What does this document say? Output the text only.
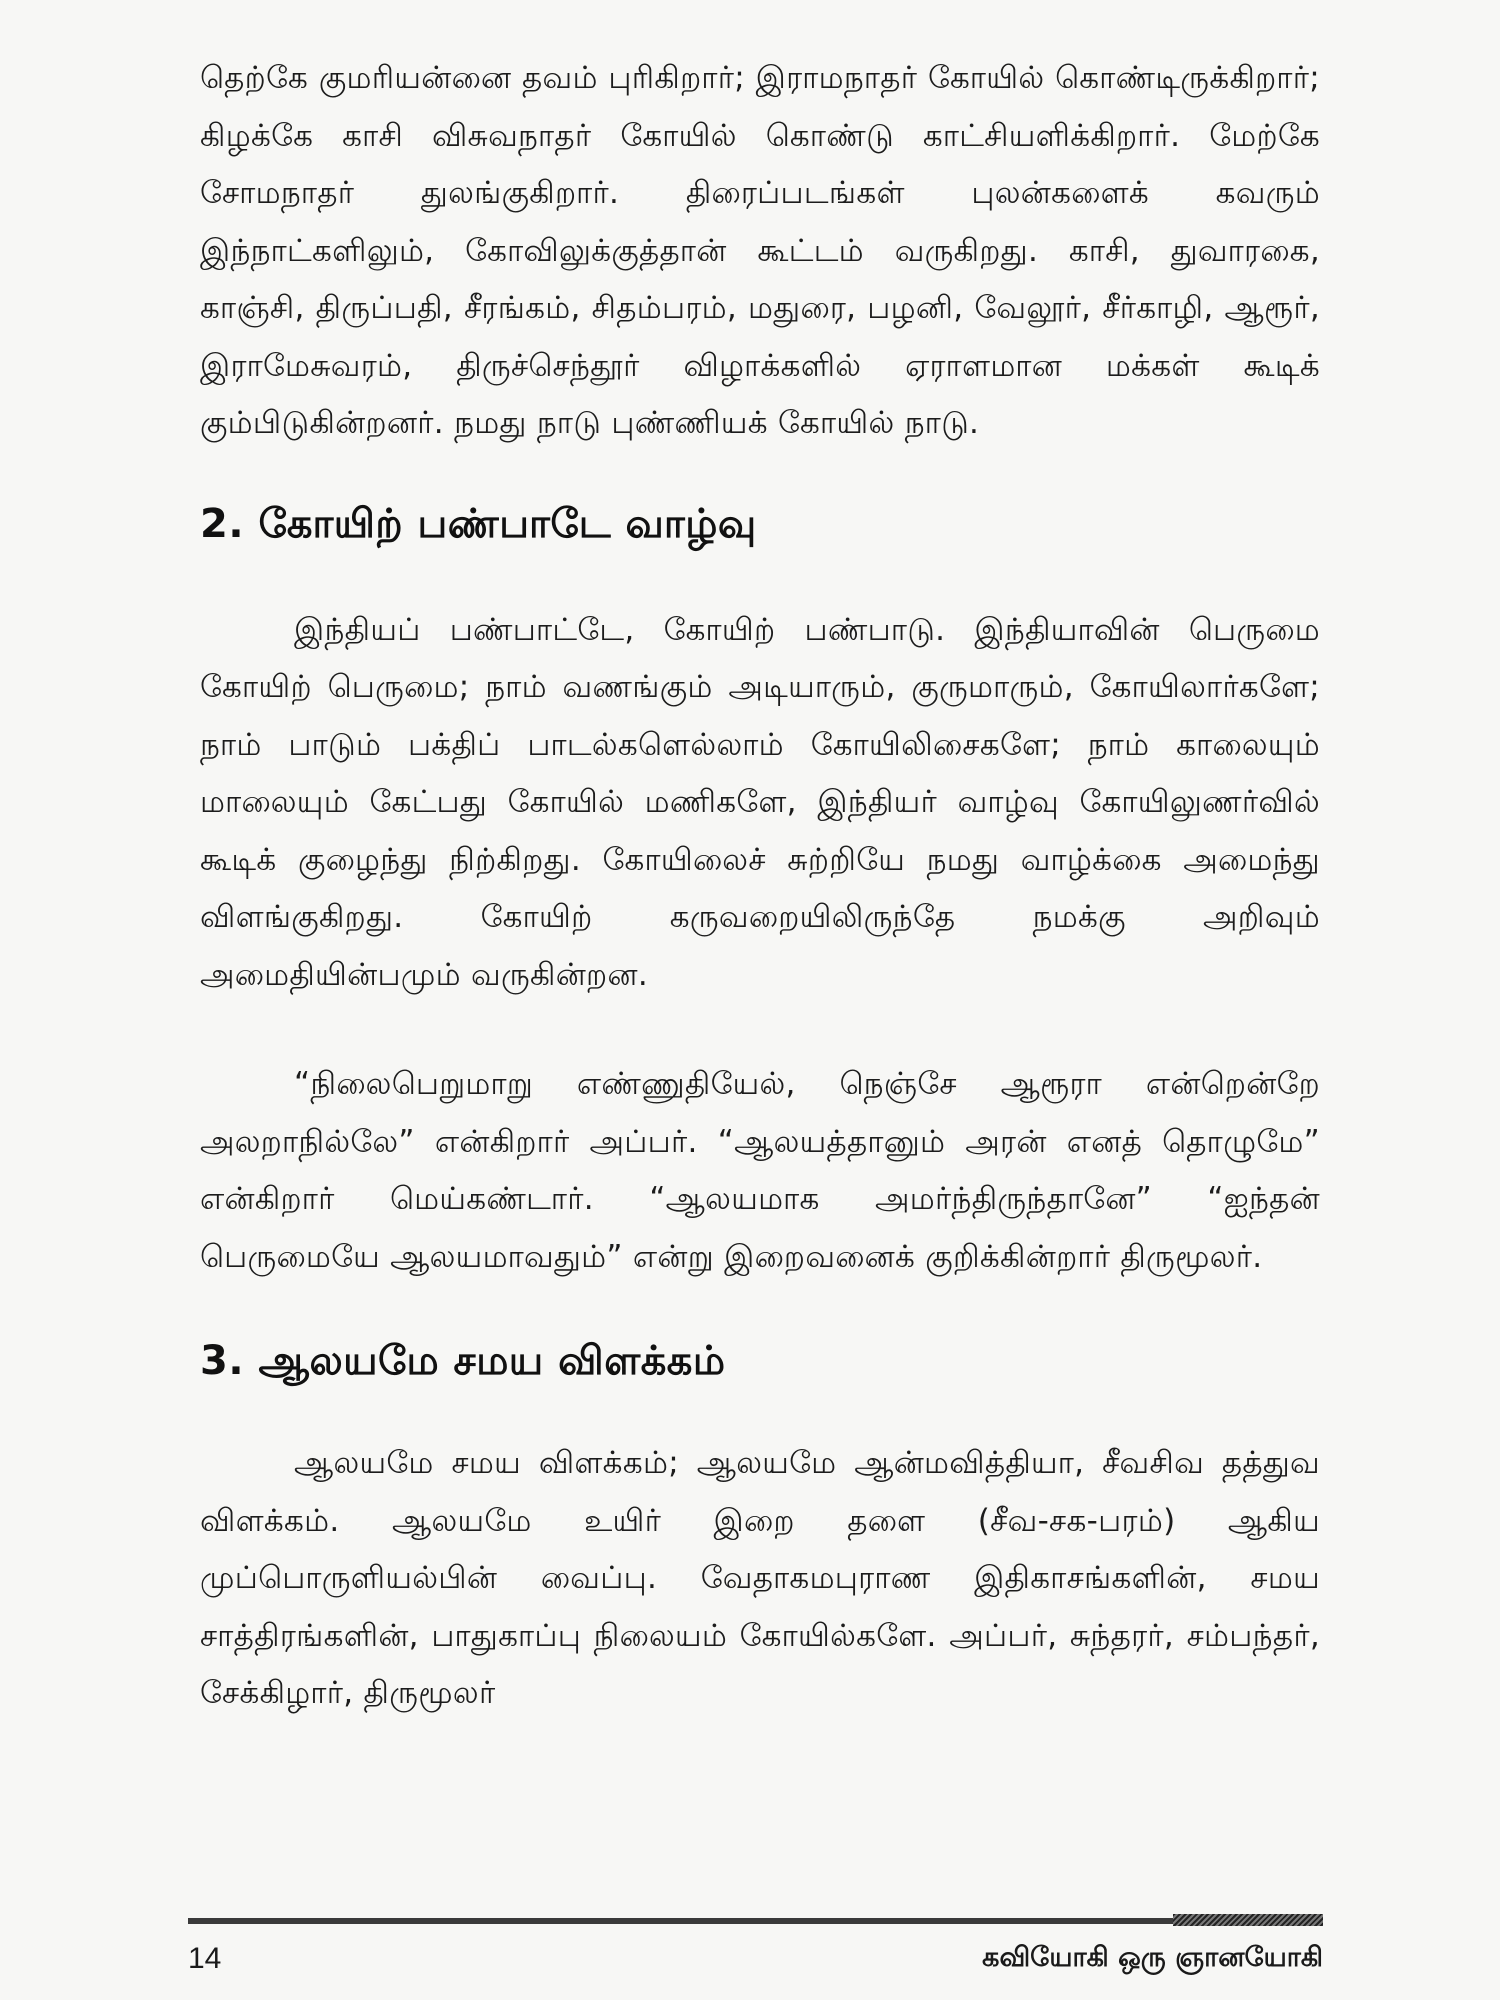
தெற்கே குமரியன்னை தவம் புரிகிறார்; இராமநாதர் கோயில் கொண்டிருக்கிறார்; கிழக்கே காசி விசுவநாதர் கோயில் கொண்டு காட்சியளிக்கிறார். மேற்கே சோமநாதர் துலங்குகிறார். திரைப்படங்கள் புலன்களைக் கவரும் இந்நாட்களிலும், கோவிலுக்குத்தான் கூட்டம் வருகிறது. காசி, துவாரகை, காஞ்சி, திருப்பதி, சீரங்கம், சிதம்பரம், மதுரை, பழனி, வேலூர், சீர்காழி, ஆரூர், இராமேசுவரம், திருச்செந்தூர் விழாக்களில் ஏராளமான மக்கள் கூடிக் கும்பிடுகின்றனர். நமது நாடு புண்ணியக் கோயில் நாடு.

2. கோயிற் பண்பாடே வாழ்வு

இந்தியப் பண்பாட்டே, கோயிற் பண்பாடு. இந்தியாவின் பெருமை கோயிற் பெருமை; நாம் வணங்கும் அடியாரும், குருமாரும், கோயிலார்களே; நாம் பாடும் பக்திப் பாடல்களெல்லாம் கோயிலிசைகளே; நாம் காலையும் மாலையும் கேட்பது கோயில் மணிகளே, இந்தியர் வாழ்வு கோயிலுணர்வில் கூடிக் குழைந்து நிற்கிறது. கோயிலைச் சுற்றியே நமது வாழ்க்கை அமைந்து விளங்குகிறது. கோயிற் கருவறையிலிருந்தே நமக்கு அறிவும் அமைதியின்பமும் வருகின்றன.

“நிலைபெறுமாறு எண்ணுதியேல், நெஞ்சே ஆரூரா என்றென்றே அலறாநில்லே” என்கிறார் அப்பர். “ஆலயத்தானும் அரன் எனத் தொழுமே” என்கிறார் மெய்கண்டார். “ஆலயமாக அமர்ந்திருந்தானே” “ஐந்தன் பெருமையே ஆலயமாவதும்” என்று இறைவனைக் குறிக்கின்றார் திருமூலர்.

3. ஆலயமே சமய விளக்கம்

ஆலயமே சமய விளக்கம்; ஆலயமே ஆன்மவித்தியா, சீவசிவ தத்துவ விளக்கம். ஆலயமே உயிர் இறை தளை (சீவ-சக-பரம்) ஆகிய முப்பொருளியல்பின் வைப்பு. வேதாகமபுராண இதிகாசங்களின், சமய சாத்திரங்களின், பாதுகாப்பு நிலையம் கோயில்களே. அப்பர், சுந்தரர், சம்பந்தர், சேக்கிழார், திருமூலர்

14	கவியோகி ஒரு ஞானயோகி
